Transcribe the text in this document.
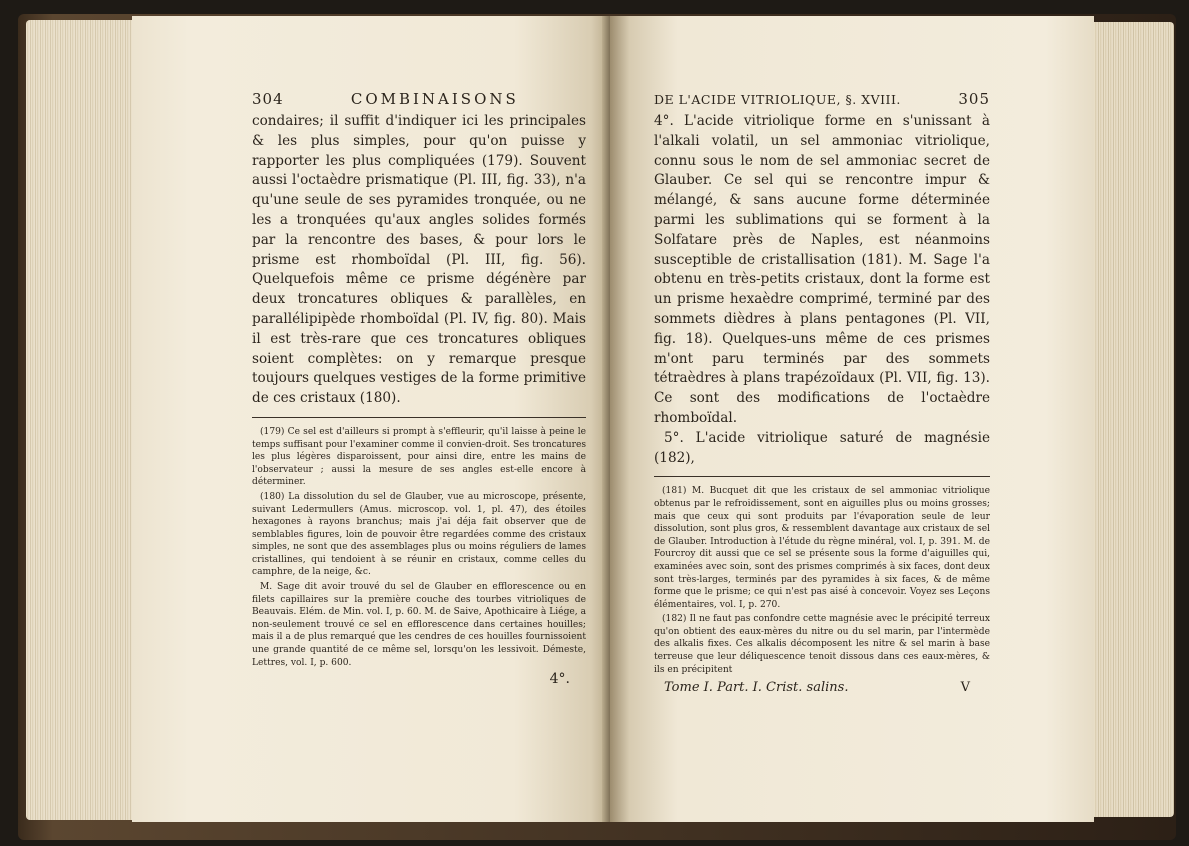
304	COMBINAISONS

condaires; il suffit d'indiquer ici les principales & les plus simples, pour qu'on puisse y rapporter les plus compliquées (179). Souvent aussi l'octaèdre prismatique (Pl. III, fig. 33), n'a qu'une seule de ses pyramides tronquée, ou ne les a tronquées qu'aux angles solides formés par la rencontre des bases, & pour lors le prisme est rhomboïdal (Pl. III, fig. 56). Quelquefois même ce prisme dégénère par deux troncatures obliques & parallèles, en parallélipipède rhomboïdal (Pl. IV, fig. 80). Mais il est très-rare que ces troncatures obliques soient complètes: on y remarque presque toujours quelques vestiges de la forme primitive de ces cristaux (180).

(179) Ce sel est d'ailleurs si prompt à s'effleurir, qu'il laisse à peine le temps suffisant pour l'examiner comme il convien-droit. Ses troncatures les plus légères disparoissent, pour ainsi dire, entre les mains de l'observateur ; aussi la mesure de ses angles est-elle encore à déterminer.

(180) La dissolution du sel de Glauber, vue au microscope, présente, suivant Ledermullers (Amus. microscop. vol. 1, pl. 47), des étoiles hexagones à rayons branchus; mais j'ai déja fait observer que de semblables figures, loin de pouvoir être regardées comme des cristaux simples, ne sont que des assemblages plus ou moins réguliers de lames cristallines, qui tendoient à se réunir en cristaux, comme celles du camphre, de la neige, &c.

M. Sage dit avoir trouvé du sel de Glauber en efflorescence ou en filets capillaires sur la première couche des tourbes vitrioliques de Beauvais. Elém. de Min. vol. I, p. 60. M. de Saive, Apothicaire à Liége, a non-seulement trouvé ce sel en efflorescence dans certaines houilles; mais il a de plus remarqué que les cendres de ces houilles fournissoient une grande quantité de ce même sel, lorsqu'on les lessivoit. Démeste, Lettres, vol. I, p. 600.

4°.
DE L'ACIDE VITRIOLIQUE, §. XVIII.	305

4°. L'acide vitriolique forme en s'unissant à l'alkali volatil, un sel ammoniac vitriolique, connu sous le nom de sel ammoniac secret de Glauber. Ce sel qui se rencontre impur & mélangé, & sans aucune forme déterminée parmi les sublimations qui se forment à la Solfatare près de Naples, est néanmoins susceptible de cristallisation (181). M. Sage l'a obtenu en très-petits cristaux, dont la forme est un prisme hexaèdre comprimé, terminé par des sommets dièdres à plans pentagones (Pl. VII, fig. 18). Quelques-uns même de ces prismes m'ont paru terminés par des sommets tétraèdres à plans trapézoïdaux (Pl. VII, fig. 13). Ce sont des modifications de l'octaèdre rhomboïdal.

5°. L'acide vitriolique saturé de magnésie (182),

(181) M. Bucquet dit que les cristaux de sel ammoniac vitriolique obtenus par le refroidissement, sont en aiguilles plus ou moins grosses; mais que ceux qui sont produits par l'évaporation seule de leur dissolution, sont plus gros, & ressemblent davantage aux cristaux de sel de Glauber. Introduction à l'étude du règne minéral, vol. I, p. 391. M. de Fourcroy dit aussi que ce sel se présente sous la forme d'aiguilles qui, examinées avec soin, sont des prismes comprimés à six faces, dont deux sont très-larges, terminés par des pyramides à six faces, & de même forme que le prisme; ce qui n'est pas aisé à concevoir. Voyez ses Leçons élémentaires, vol. I, p. 270.

(182) Il ne faut pas confondre cette magnésie avec le précipité terreux qu'on obtient des eaux-mères du nitre ou du sel marin, par l'intermède des alkalis fixes. Ces alkalis décomposent les nitre & sel marin à base terreuse que leur déliquescence tenoit dissous dans ces eaux-mères, & ils en précipitent

Tome I. Part. I. Crist. salins.	V
